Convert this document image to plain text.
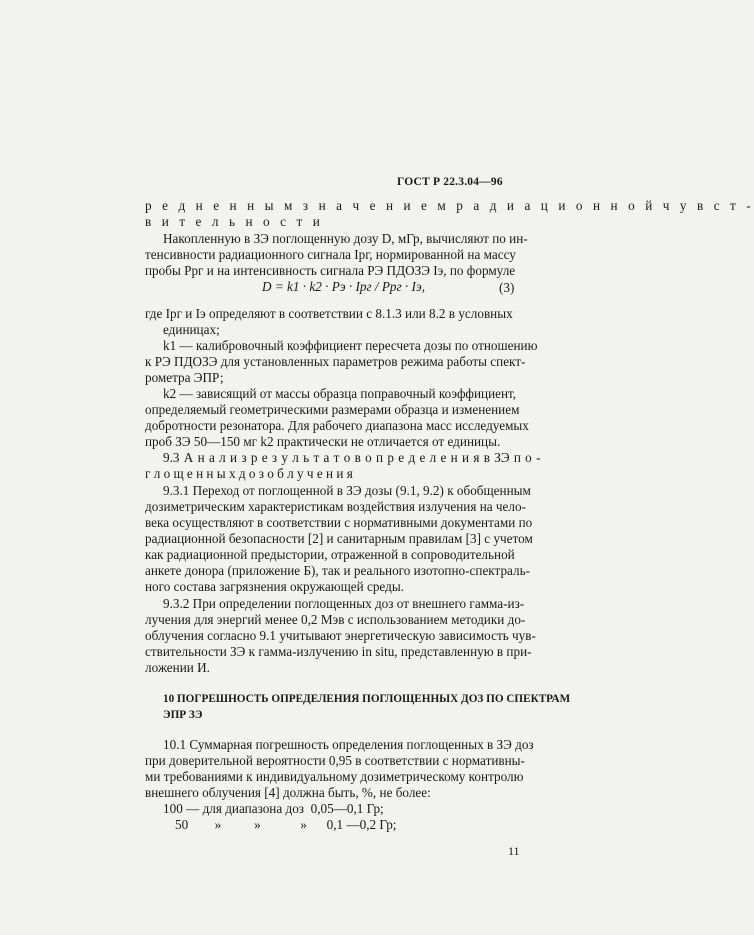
ГОСТ Р 22.3.04—96
р е д н е н н ы м з н а ч е н и е м р а д и а ц и о н н о й ч у в с т -
в и т е л ь н о с т и
Накопленную в ЗЭ поглощенную дозу D, мГр, вычисляют по ин-
тенсивности радиационного сигнала Iрг, нормированной на массу
пробы Pрг и на интенсивность сигнала РЭ ПДОЗЭ Iэ, по формуле
D = k1 · k2 · Pэ · Iрг / Pрг · Iэ,	(3)
где Iрг и Iэ определяют в соответствии с 8.1.3 или 8.2 в условных
единицах;
k1 — калибровочный коэффициент пересчета дозы по отношению
к РЭ ПДОЗЭ для установленных параметров режима работы спект-
рометра ЭПР;
k2 — зависящий от массы образца поправочный коэффициент,
определяемый геометрическими размерами образца и изменением
добротности резонатора. Для рабочего диапазона масс исследуемых
проб ЗЭ 50—150 мг k2 практически не отличается от единицы.
9.3 А н а л и з р е з у л ь т а т о в о п р е д е л е н и я в ЗЭ п о -
г л о щ е н н ы х д о з о б л у ч е н и я
9.3.1 Переход от поглощенной в ЗЭ дозы (9.1, 9.2) к обобщенным
дозиметрическим характеристикам воздействия излучения на чело-
века осуществляют в соответствии с нормативными документами по
радиационной безопасности [2] и санитарным правилам [3] с учетом
как радиационной предыстории, отраженной в сопроводительной
анкете донора (приложение Б), так и реального изотопно-спектраль-
ного состава загрязнения окружающей среды.
9.3.2 При определении поглощенных доз от внешнего гамма-из-
лучения для энергий менее 0,2 Мэв с использованием методики до-
облучения согласно 9.1 учитывают энергетическую зависимость чув-
ствительности ЗЭ к гамма-излучению in situ, представленную в при-
ложении И.
10 ПОГРЕШНОСТЬ ОПРЕДЕЛЕНИЯ ПОГЛОЩЕННЫХ ДОЗ ПО СПЕКТРАМ
ЭПР ЗЭ
10.1 Суммарная погрешность определения поглощенных в ЗЭ доз
при доверительной вероятности 0,95 в соответствии с нормативны-
ми требованиями к индивидуальному дозиметрическому контролю
внешнего облучения [4] должна быть, %, не более:
100 — для диапазона доз  0,05—0,1 Гр;
50        »          »            »      0,1 —0,2 Гр;
11
